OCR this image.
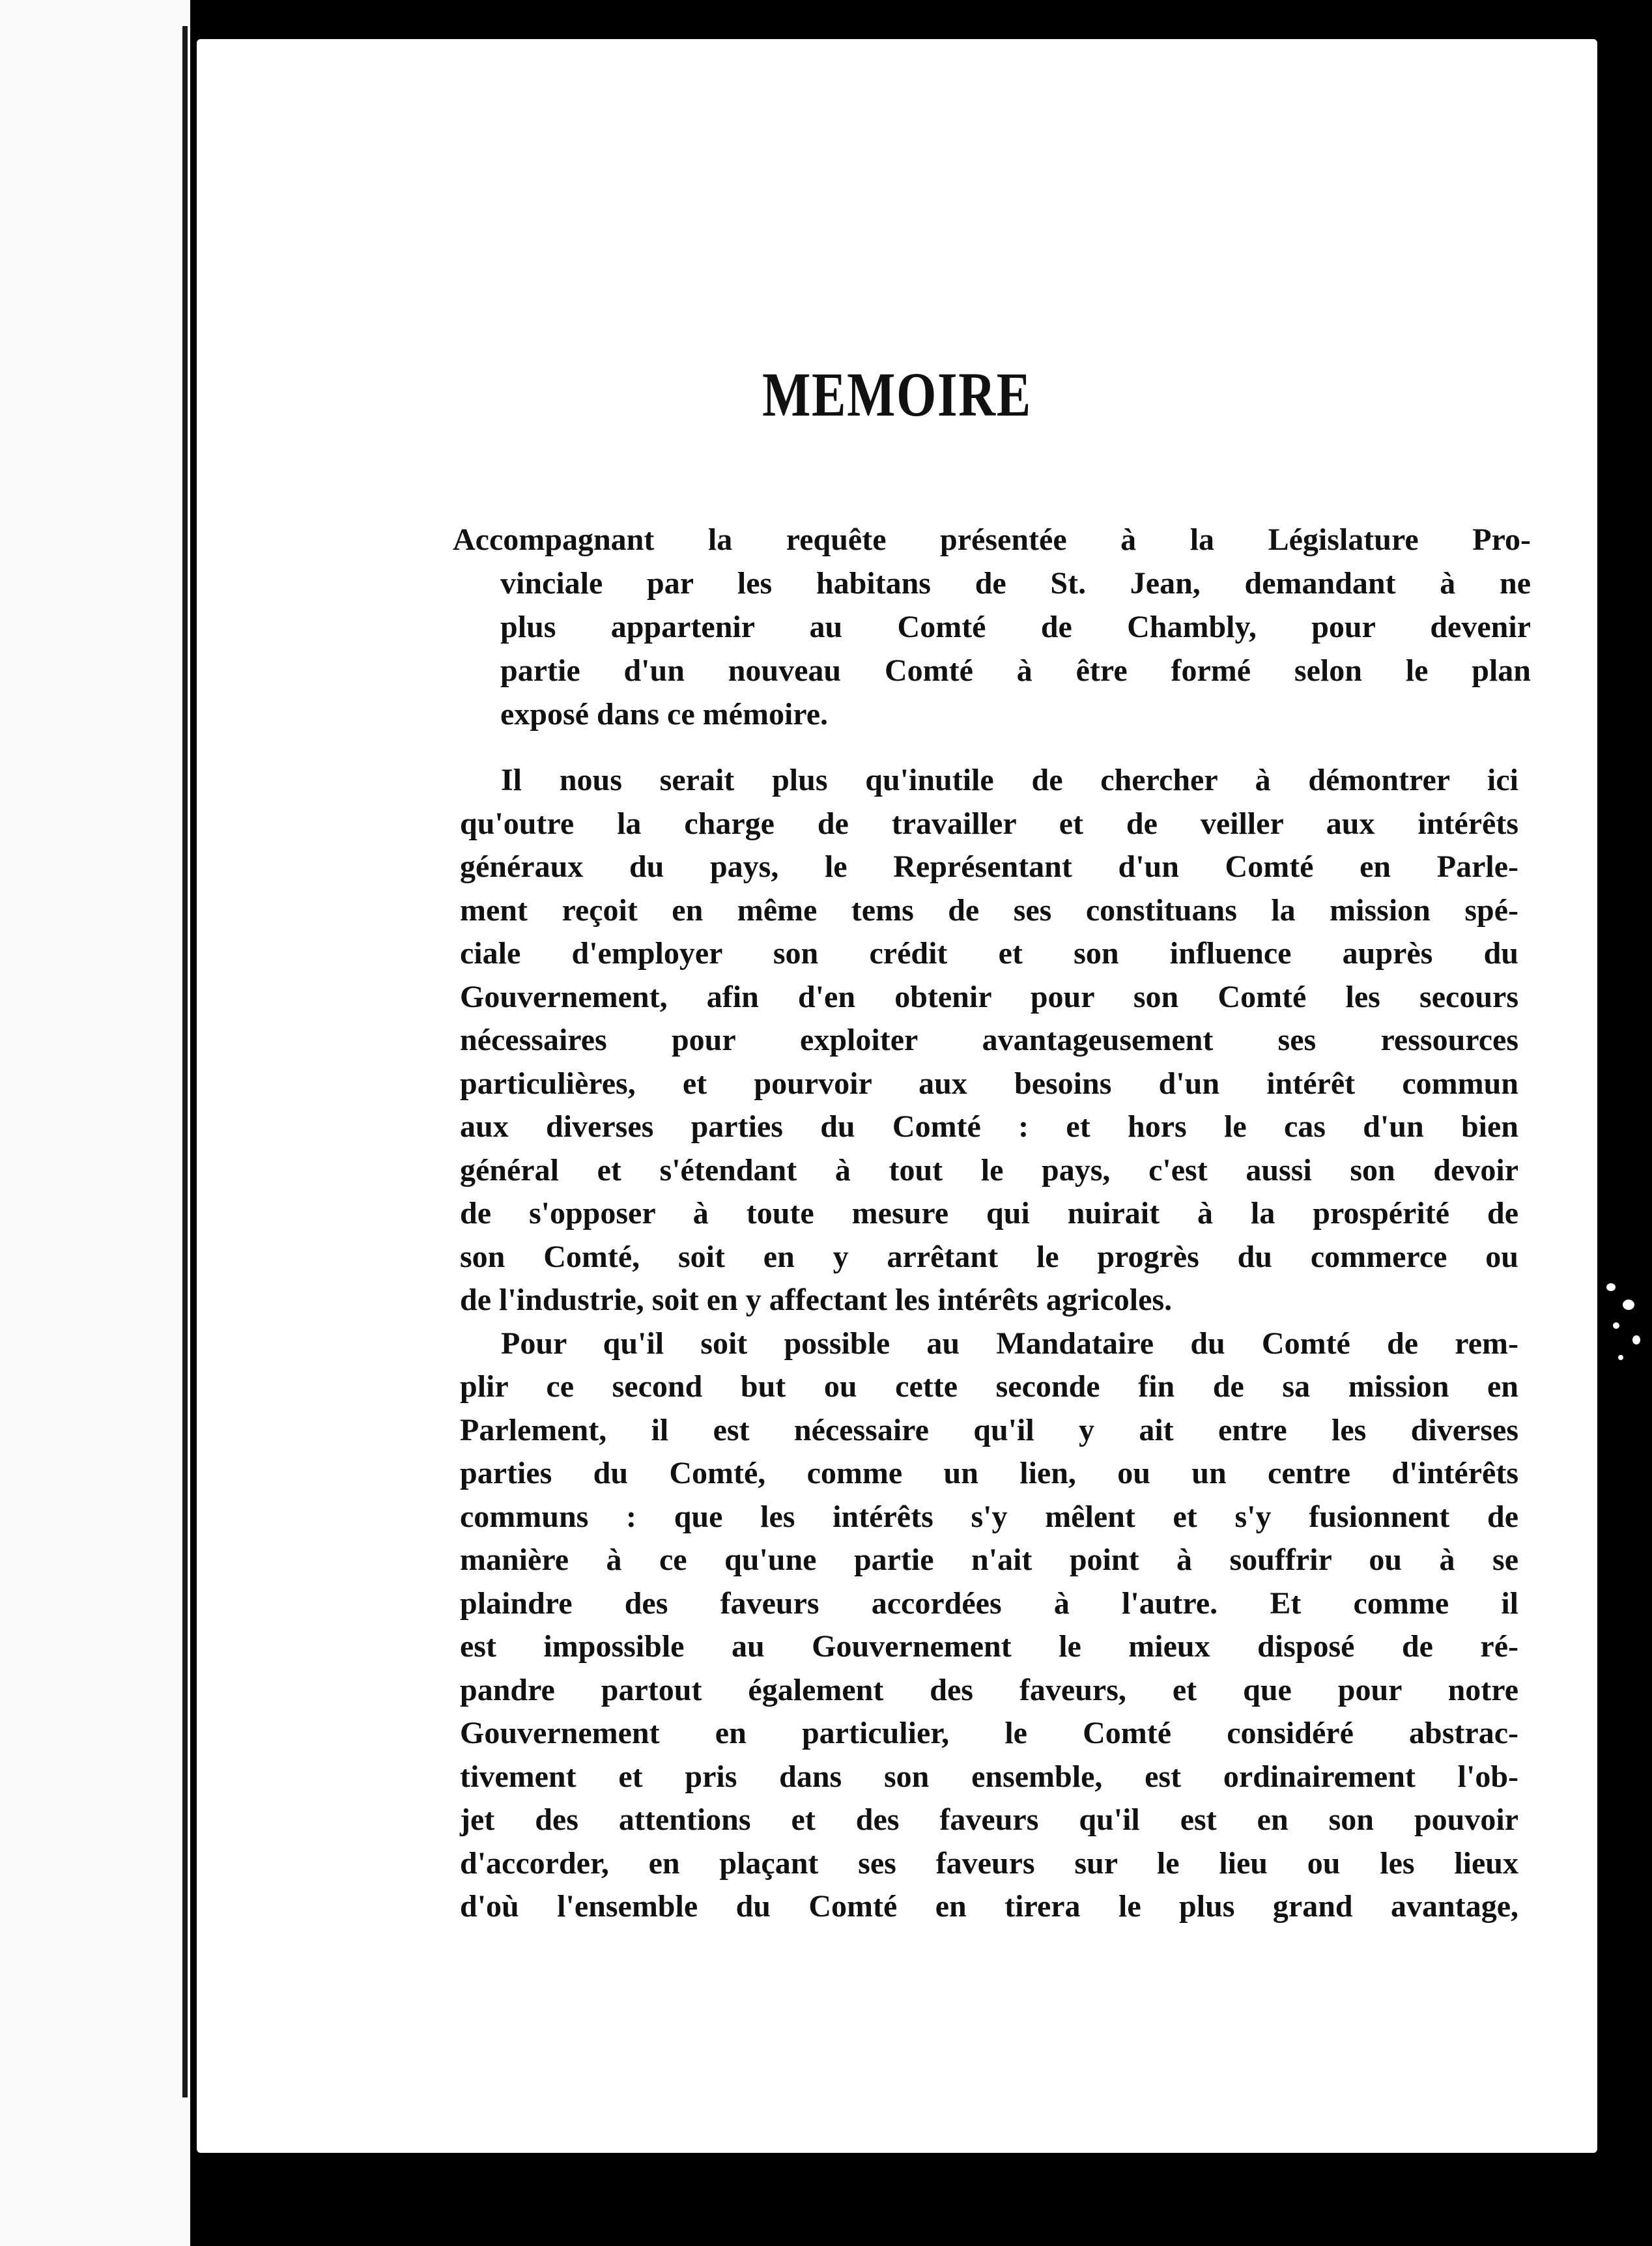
MEMOIRE
Accompagnant la requête présentée à la Législature Pro-
vinciale par les habitans de St. Jean, demandant à ne
plus appartenir au Comté de Chambly, pour devenir
partie d'un nouveau Comté à être formé selon le plan
exposé dans ce mémoire.
Il nous serait plus qu'inutile de chercher à démontrer ici
qu'outre la charge de travailler et de veiller aux intérêts
généraux du pays, le Représentant d'un Comté en Parle-
ment reçoit en même tems de ses constituans la mission spé-
ciale d'employer son crédit et son influence auprès du
Gouvernement, afin d'en obtenir pour son Comté les secours
nécessaires pour exploiter avantageusement ses ressources
particulières, et pourvoir aux besoins d'un intérêt commun
aux diverses parties du Comté : et hors le cas d'un bien
général et s'étendant à tout le pays, c'est aussi son devoir
de s'opposer à toute mesure qui nuirait à la prospérité de
son Comté, soit en y arrêtant le progrès du commerce ou
de l'industrie, soit en y affectant les intérêts agricoles.
Pour qu'il soit possible au Mandataire du Comté de rem-
plir ce second but ou cette seconde fin de sa mission en
Parlement, il est nécessaire qu'il y ait entre les diverses
parties du Comté, comme un lien, ou un centre d'intérêts
communs : que les intérêts s'y mêlent et s'y fusionnent de
manière à ce qu'une partie n'ait point à souffrir ou à se
plaindre des faveurs accordées à l'autre. Et comme il
est impossible au Gouvernement le mieux disposé de ré-
pandre partout également des faveurs, et que pour notre
Gouvernement en particulier, le Comté considéré abstrac-
tivement et pris dans son ensemble, est ordinairement l'ob-
jet des attentions et des faveurs qu'il est en son pouvoir
d'accorder, en plaçant ses faveurs sur le lieu ou les lieux
d'où l'ensemble du Comté en tirera le plus grand avantage,
